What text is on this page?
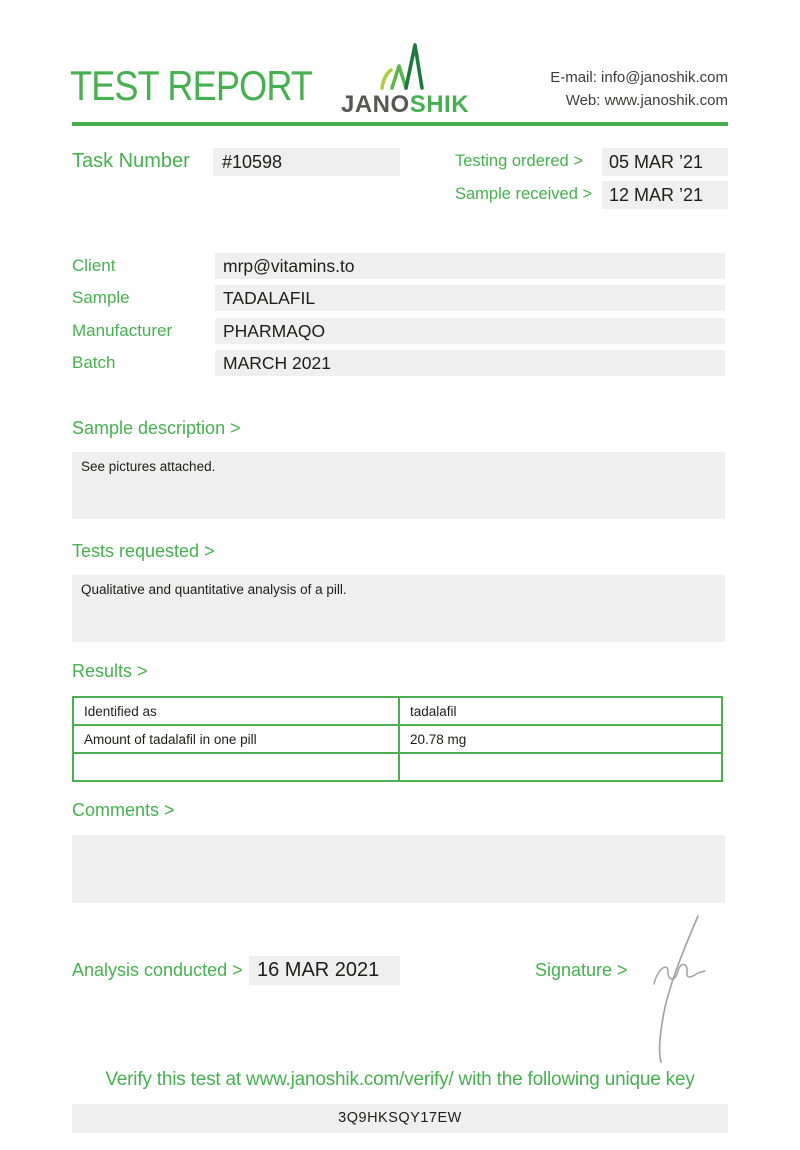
TEST REPORT JANOSHIK
E-mail: info@janoshik.com
Web: www.janoshik.com
Task Number	#10598	Testing ordered >	05 MAR ’21
Sample received > 12 MAR ’21
Client	mrp@vitamins.to
Sample	TADALAFIL
Manufacturer	PHARMAQO
Batch	MARCH 2021
Sample description >
See pictures attached.
Tests requested >
Qualitative and quantitative analysis of a pill.
Results >
Identified as	tadalafil
Amount of tadalafil in one pill	20.78 mg

Comments >
Analysis conducted > 16 MAR 2021	Signature >
Verify this test at www.janoshik.com/verify/ with the following unique key
3Q9HKSQY17EW
